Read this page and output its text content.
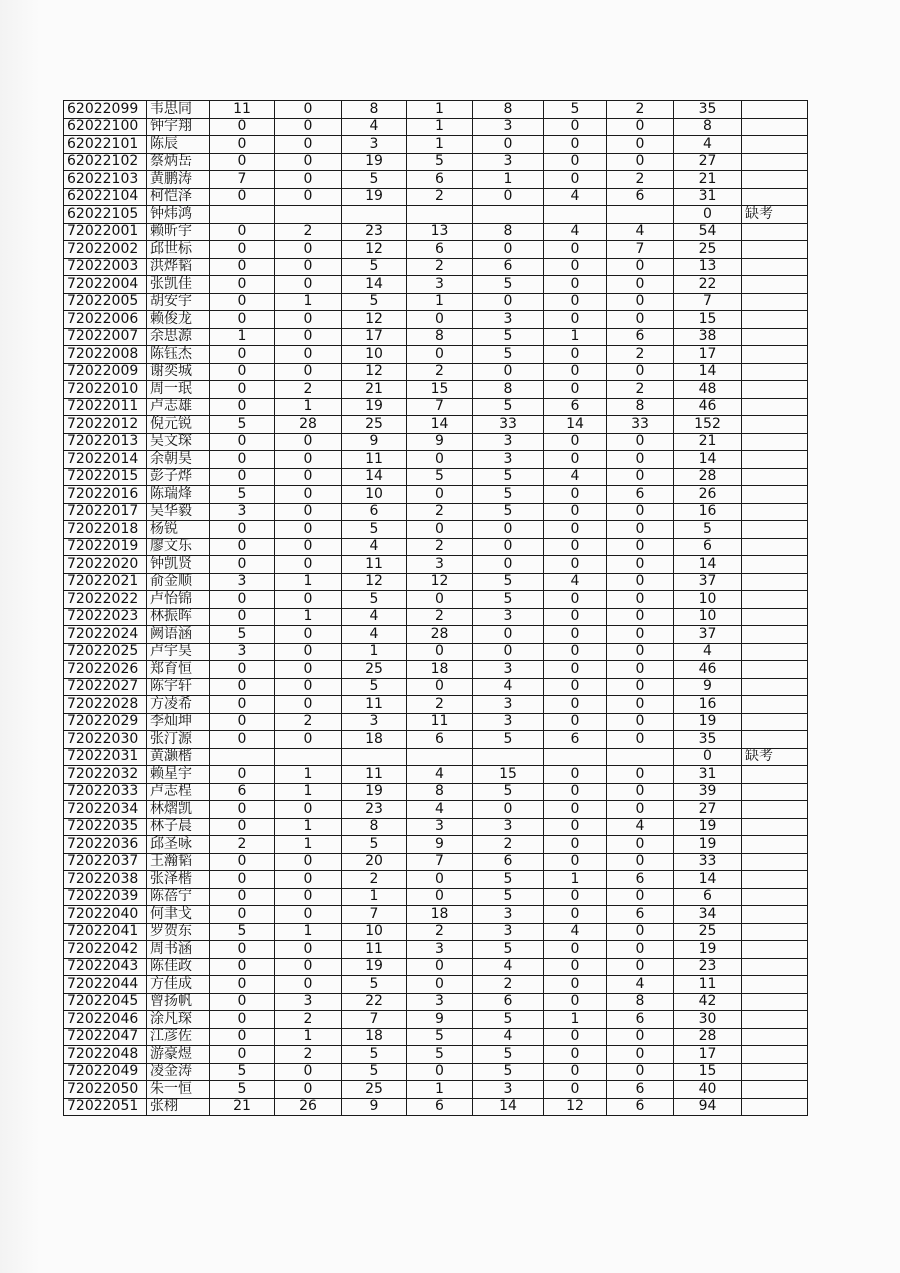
62022099	韦思同	11	0	8	1	8	5	2	35	
62022100	钟宇翔	0	0	4	1	3	0	0	8	
62022101	陈辰	0	0	3	1	0	0	0	4	
62022102	蔡炳岳	0	0	19	5	3	0	0	27	
62022103	黄鹏涛	7	0	5	6	1	0	2	21	
62022104	柯恺泽	0	0	19	2	0	4	6	31	
62022105	钟炜鸿								0	缺考
72022001	赖昕宇	0	2	23	13	8	4	4	54	
72022002	邱世标	0	0	12	6	0	0	7	25	
72022003	洪烨韬	0	0	5	2	6	0	0	13	
72022004	张凯佳	0	0	14	3	5	0	0	22	
72022005	胡安宇	0	1	5	1	0	0	0	7	
72022006	赖俊龙	0	0	12	0	3	0	0	15	
72022007	余思源	1	0	17	8	5	1	6	38	
72022008	陈钰杰	0	0	10	0	5	0	2	17	
72022009	谢奕城	0	0	12	2	0	0	0	14	
72022010	周一珉	0	2	21	15	8	0	2	48	
72022011	卢志雄	0	1	19	7	5	6	8	46	
72022012	倪元锐	5	28	25	14	33	14	33	152	
72022013	吴文琛	0	0	9	9	3	0	0	21	
72022014	余朝昊	0	0	11	0	3	0	0	14	
72022015	彭子烨	0	0	14	5	5	4	0	28	
72022016	陈瑞烽	5	0	10	0	5	0	6	26	
72022017	吴华毅	3	0	6	2	5	0	0	16	
72022018	杨锐	0	0	5	0	0	0	0	5	
72022019	廖文乐	0	0	4	2	0	0	0	6	
72022020	钟凯贤	0	0	11	3	0	0	0	14	
72022021	俞金顺	3	1	12	12	5	4	0	37	
72022022	卢怡锦	0	0	5	0	5	0	0	10	
72022023	林振晖	0	1	4	2	3	0	0	10	
72022024	阙语涵	5	0	4	28	0	0	0	37	
72022025	卢宇昊	3	0	1	0	0	0	0	4	
72022026	郑育恒	0	0	25	18	3	0	0	46	
72022027	陈宇轩	0	0	5	0	4	0	0	9	
72022028	方凌希	0	0	11	2	3	0	0	16	
72022029	李灿坤	0	2	3	11	3	0	0	19	
72022030	张汀源	0	0	18	6	5	6	0	35	
72022031	黄灏楷								0	缺考
72022032	赖星宇	0	1	11	4	15	0	0	31	
72022033	卢志桯	6	1	19	8	5	0	0	39	
72022034	林熠凯	0	0	23	4	0	0	0	27	
72022035	林子晨	0	1	8	3	3	0	4	19	
72022036	邱圣咏	2	1	5	9	2	0	0	19	
72022037	王瀚韬	0	0	20	7	6	0	0	33	
72022038	张泽楷	0	0	2	0	5	1	6	14	
72022039	陈蓓宁	0	0	1	0	5	0	0	6	
72022040	何聿戈	0	0	7	18	3	0	6	34	
72022041	罗贺东	5	1	10	2	3	4	0	25	
72022042	周书涵	0	0	11	3	5	0	0	19	
72022043	陈佳政	0	0	19	0	4	0	0	23	
72022044	方佳成	0	0	5	0	2	0	4	11	
72022045	曾扬帆	0	3	22	3	6	0	8	42	
72022046	涂凡琛	0	2	7	9	5	1	6	30	
72022047	江彦佐	0	1	18	5	4	0	0	28	
72022048	游豪煜	0	2	5	5	5	0	0	17	
72022049	凌金涛	5	0	5	0	5	0	0	15	
72022050	朱一恒	5	0	25	1	3	0	6	40	
72022051	张栩	21	26	9	6	14	12	6	94	
